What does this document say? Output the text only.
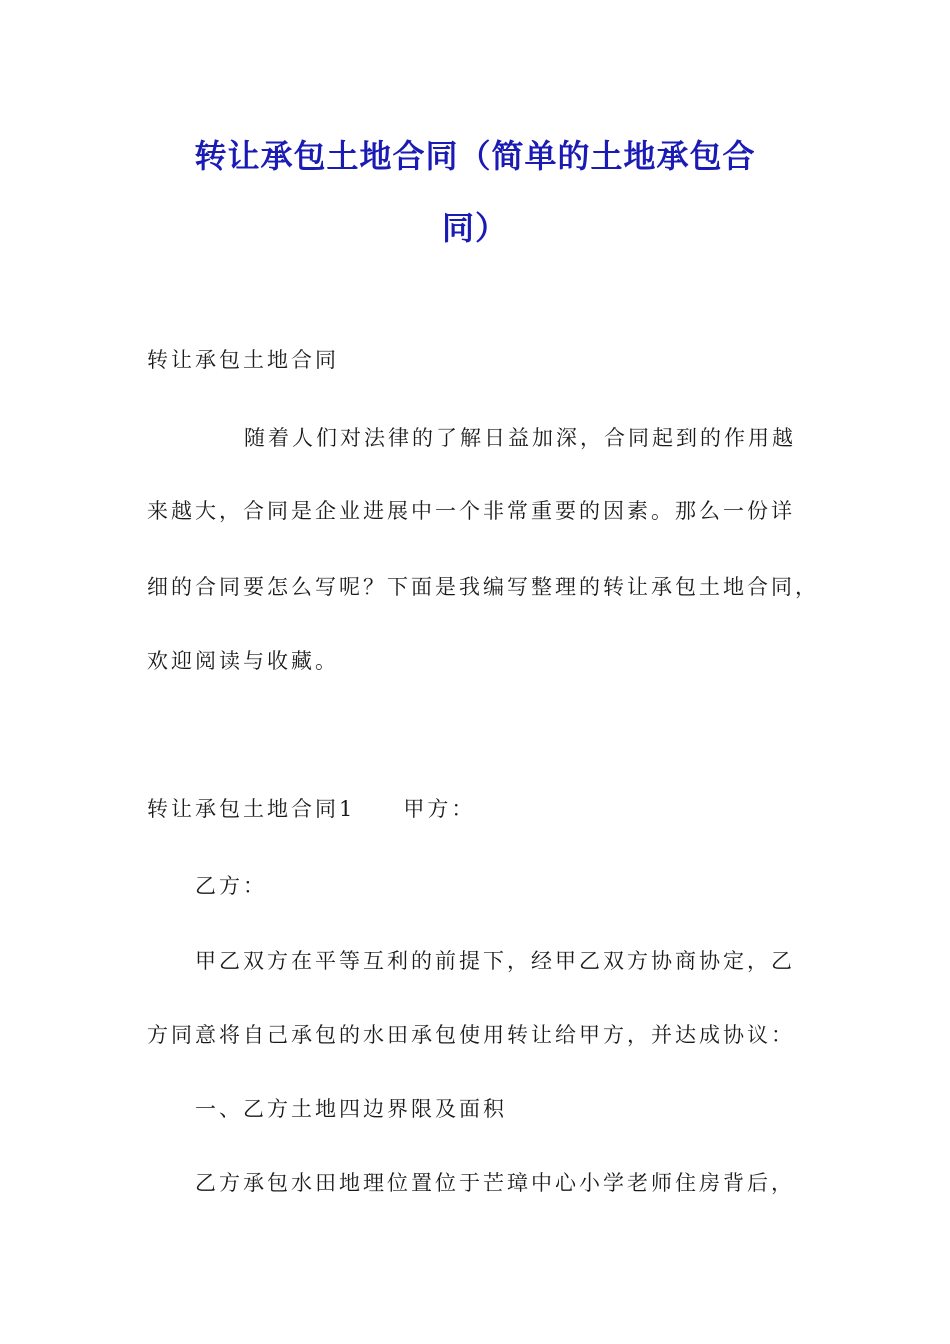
转让承包土地合同（简单的土地承包合
同）
转让承包土地合同
随着人们对法律的了解日益加深，合同起到的作用越
来越大，合同是企业进展中一个非常重要的因素。那么一份详
细的合同要怎么写呢？下面是我编写整理的转让承包土地合同，
欢迎阅读与收藏。
转让承包土地合同1 甲方：
乙方：
甲乙双方在平等互利的前提下，经甲乙双方协商协定，乙
方同意将自己承包的水田承包使用转让给甲方，并达成协议：
一、乙方土地四边界限及面积
乙方承包水田地理位置位于芒璋中心小学老师住房背后，
